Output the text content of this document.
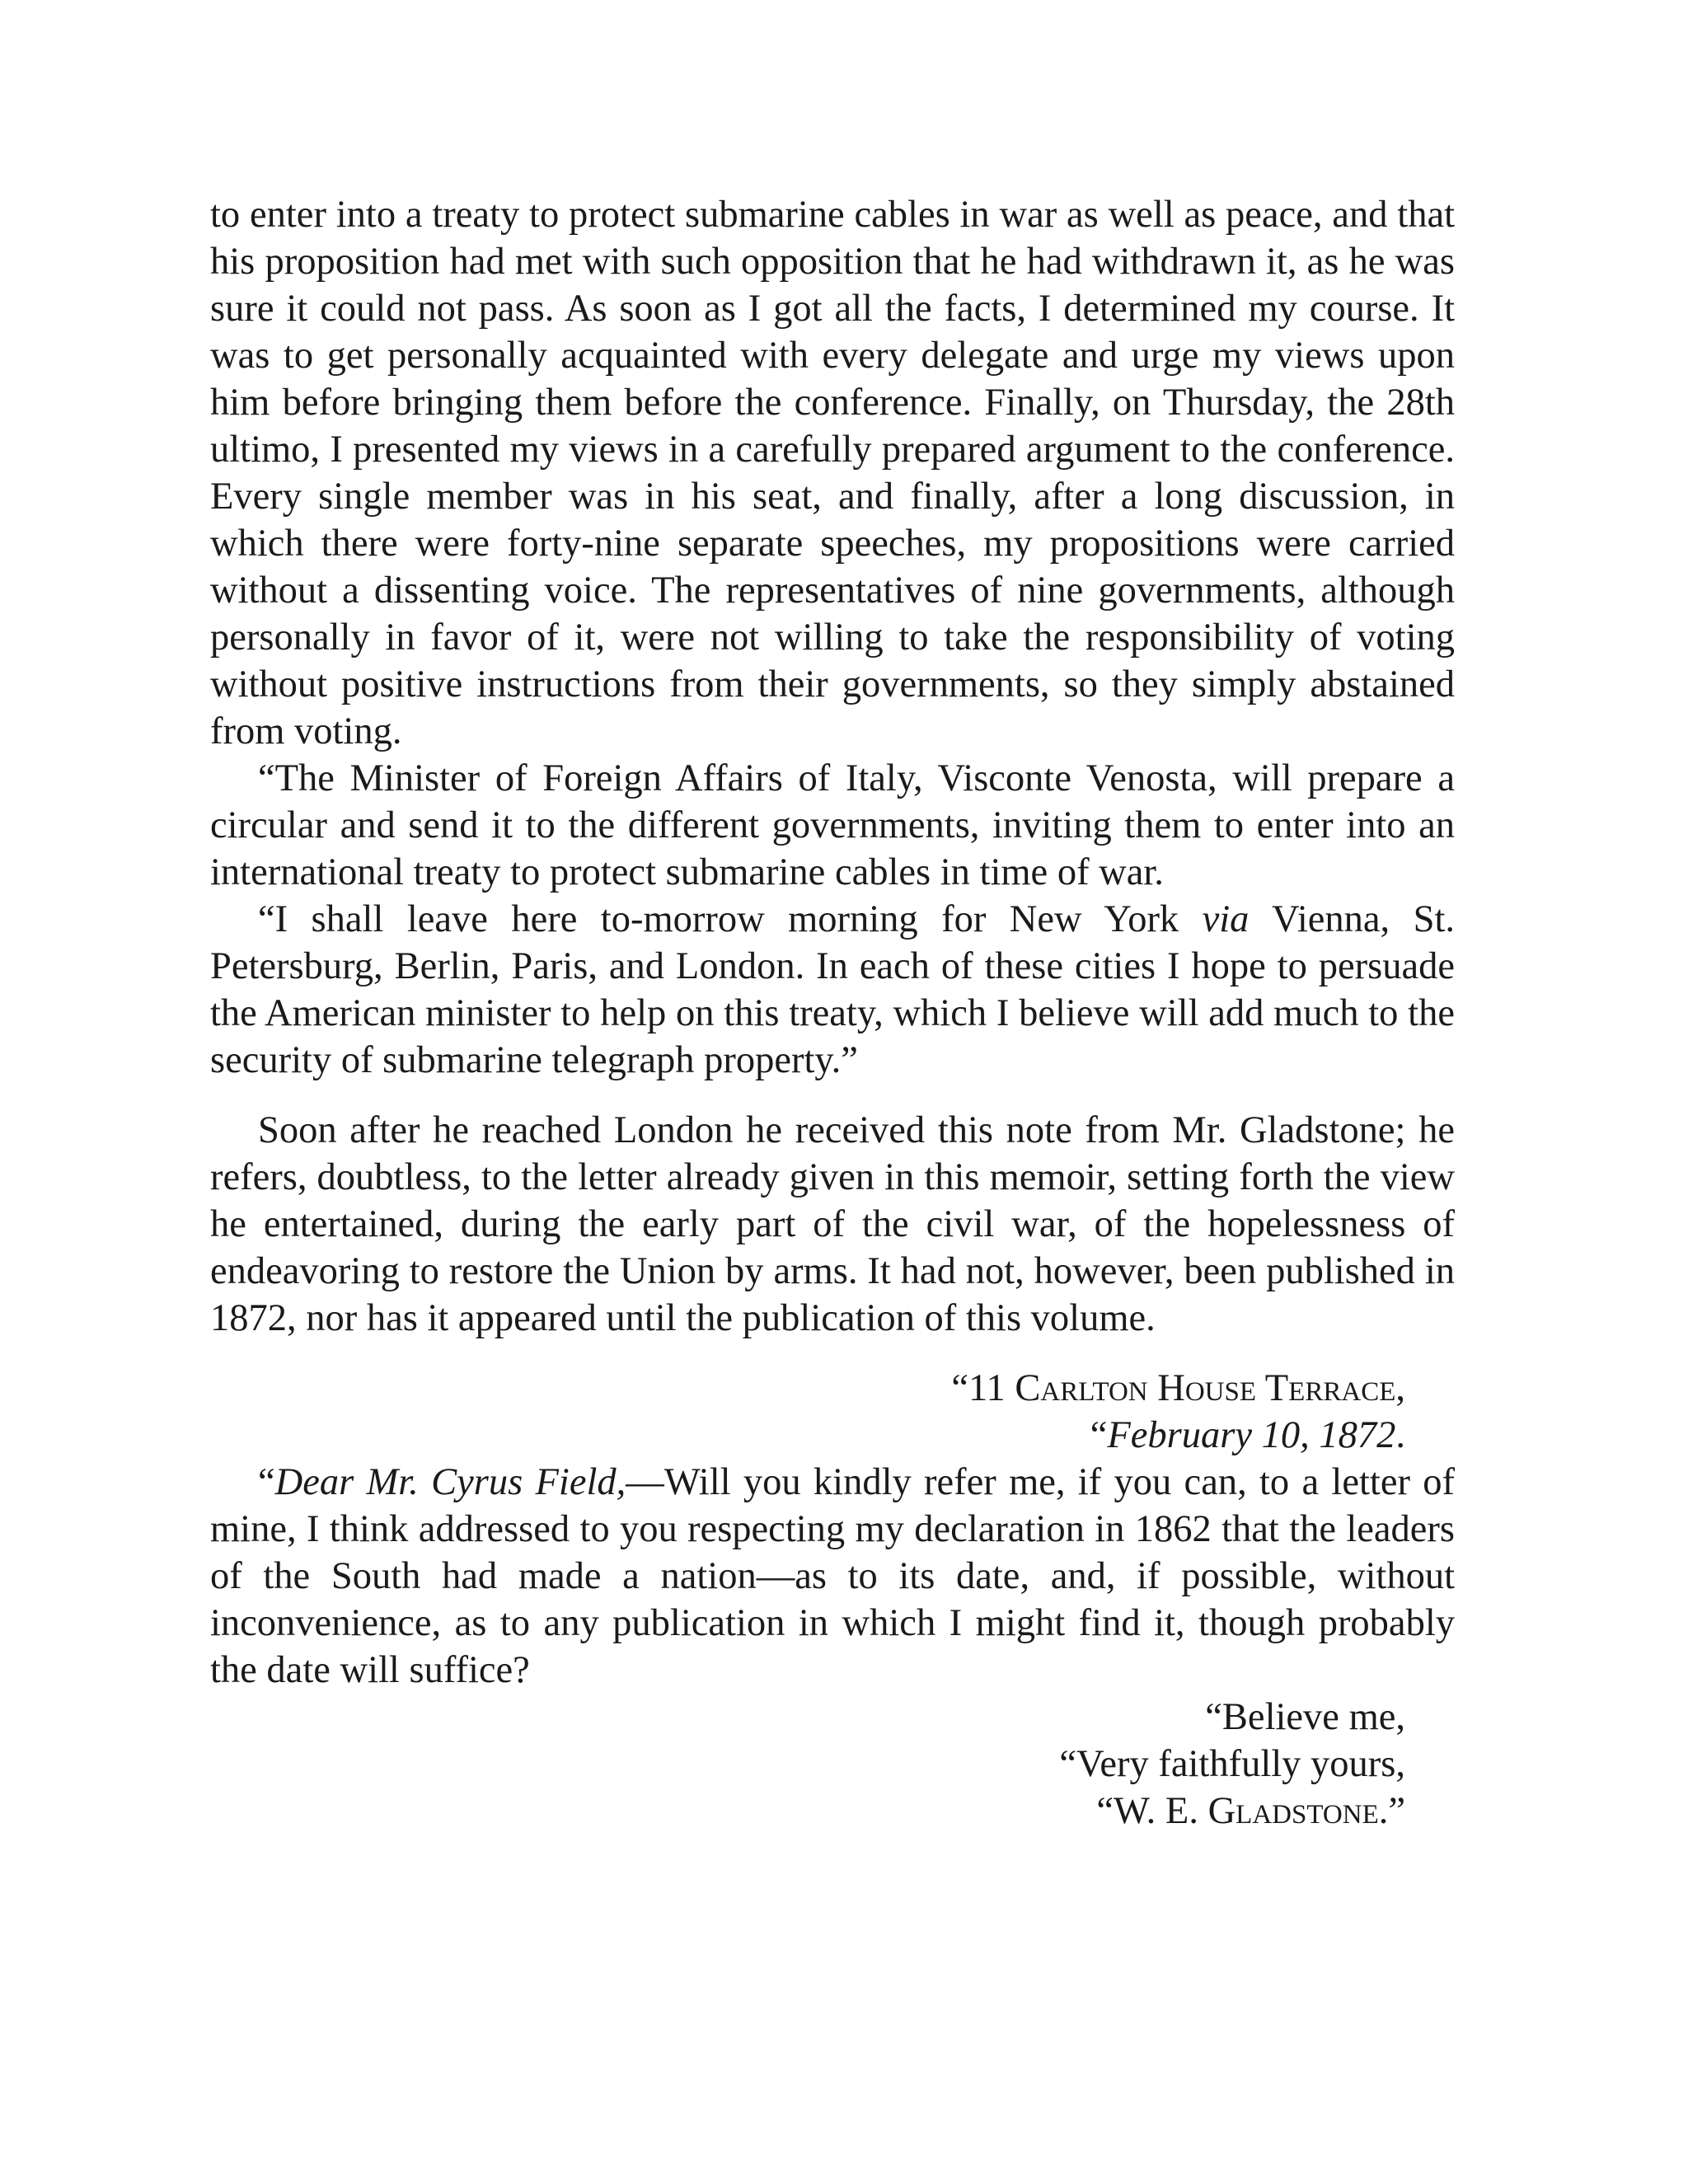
to enter into a treaty to protect submarine cables in war as well as peace, and that his proposition had met with such opposition that he had withdrawn it, as he was sure it could not pass. As soon as I got all the facts, I determined my course. It was to get personally acquainted with every delegate and urge my views upon him before bringing them before the conference. Finally, on Thursday, the 28th ultimo, I presented my views in a carefully prepared argument to the conference. Every single member was in his seat, and finally, after a long discussion, in which there were forty-nine separate speeches, my propositions were carried without a dissenting voice. The representatives of nine governments, although personally in favor of it, were not willing to take the responsibility of voting without positive instructions from their governments, so they simply abstained from voting.

“The Minister of Foreign Affairs of Italy, Visconte Venosta, will prepare a circular and send it to the different governments, inviting them to enter into an international treaty to protect submarine cables in time of war.

“I shall leave here to-morrow morning for New York via Vienna, St. Petersburg, Berlin, Paris, and London. In each of these cities I hope to persuade the American minister to help on this treaty, which I believe will add much to the security of submarine telegraph property.”

Soon after he reached London he received this note from Mr. Gladstone; he refers, doubtless, to the letter already given in this memoir, setting forth the view he entertained, during the early part of the civil war, of the hopelessness of endeavoring to restore the Union by arms. It had not, however, been published in 1872, nor has it appeared until the publication of this volume.

“11 Carlton House Terrace,
“February 10, 1872.

“Dear Mr. Cyrus Field,—Will you kindly refer me, if you can, to a letter of mine, I think addressed to you respecting my declaration in 1862 that the leaders of the South had made a nation—as to its date, and, if possible, without inconvenience, as to any publication in which I might find it, though probably the date will suffice?

“Believe me,
“Very faithfully yours,
“W. E. Gladstone.”
